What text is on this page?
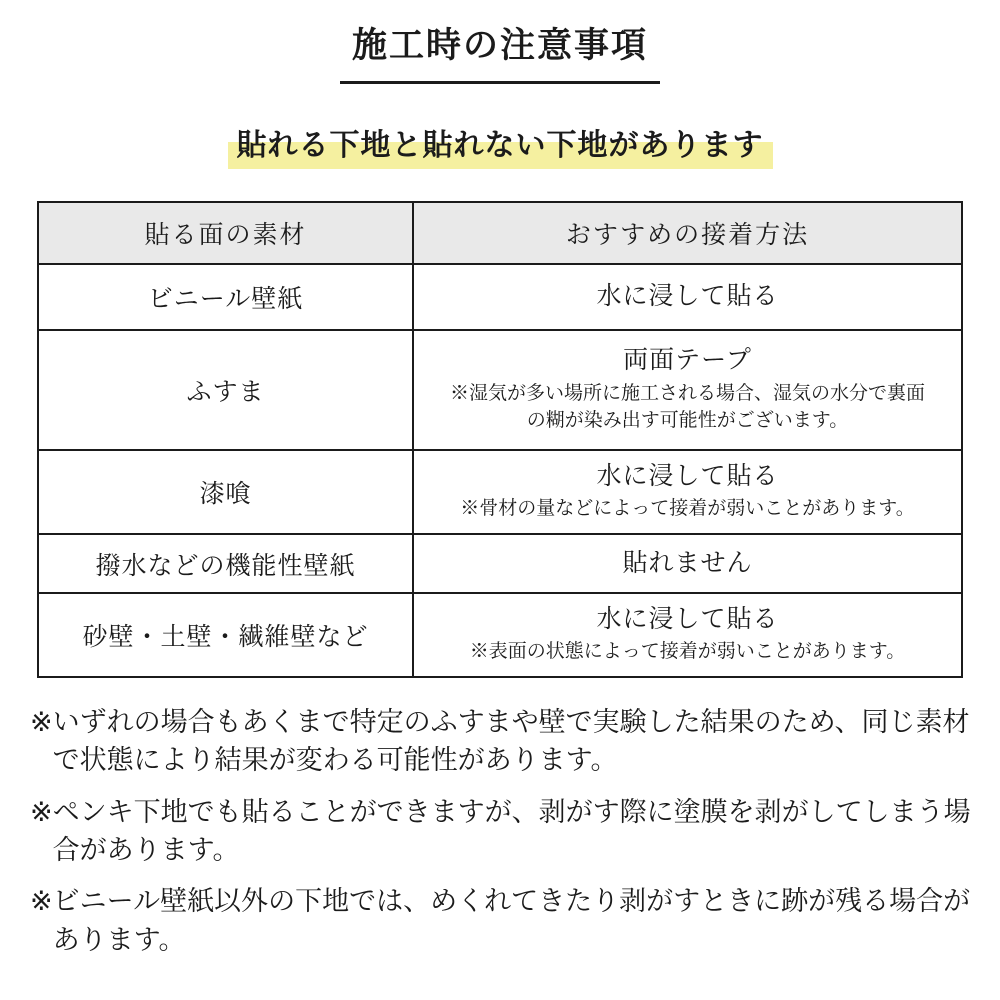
施工時の注意事項
貼れる下地と貼れない下地があります
貼る面の素材	おすすめの接着方法
ビニール壁紙	水に浸して貼る

ふすま	両面テープ
※湿気が多い場所に施工される場合、湿気の水分で裏面の糊が染み出す可能性がございます。

漆喰	水に浸して貼る
※骨材の量などによって接着が弱いことがあります。

撥水などの機能性壁紙	貼れません

砂壁・土壁・繊維壁など	水に浸して貼る
※表面の状態によって接着が弱いことがあります。
※ いずれの場合もあくまで特定のふすまや壁で実験した結果のため、同じ素材で状態により結果が変わる可能性があります。
※ ペンキ下地でも貼ることができますが、剥がす際に塗膜を剥がしてしまう場合があります。
※ ビニール壁紙以外の下地では、めくれてきたり剥がすときに跡が残る場合があります。
